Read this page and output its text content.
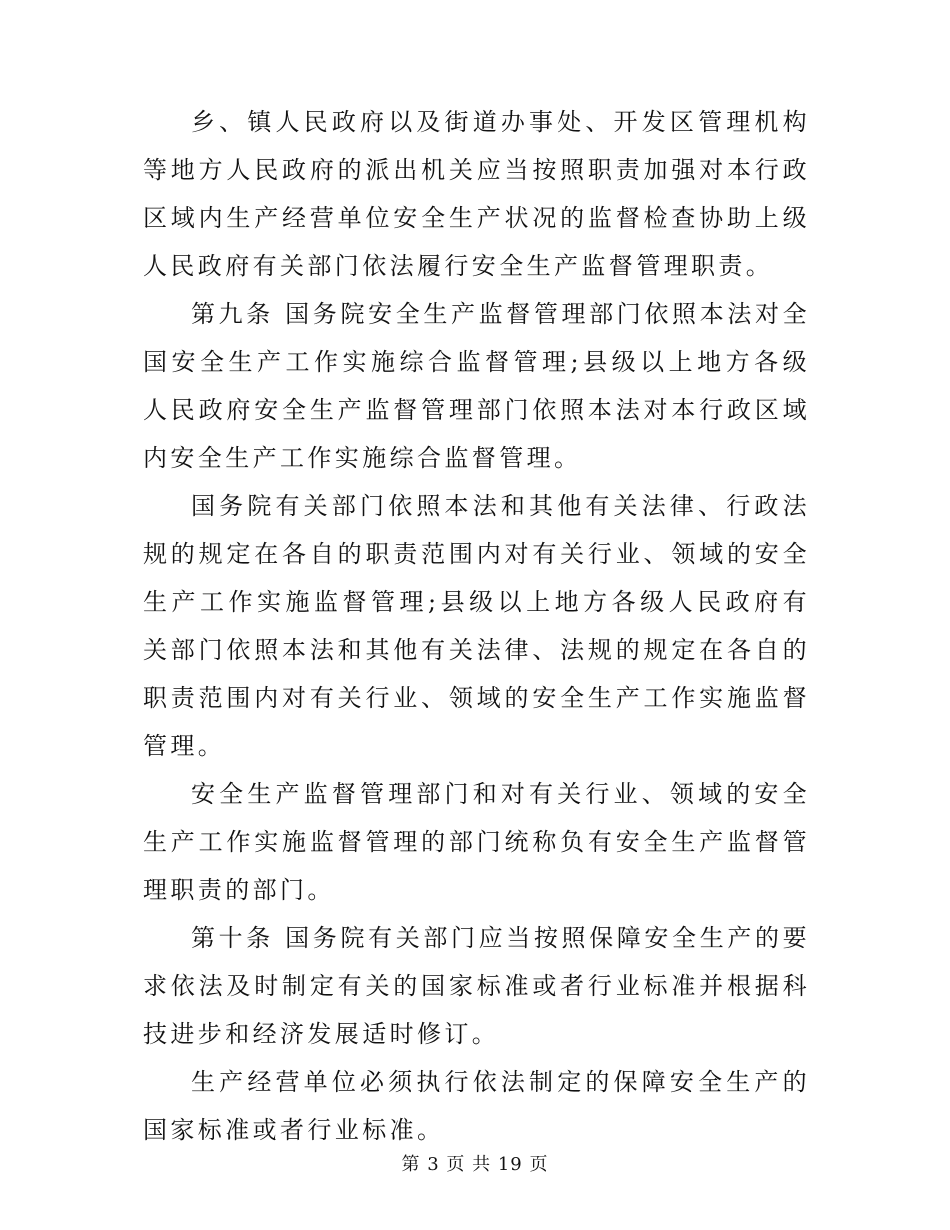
乡、镇人民政府以及街道办事处、开发区管理机构等地方人民政府的派出机关应当按照职责加强对本行政区域内生产经营单位安全生产状况的监督检查协助上级人民政府有关部门依法履行安全生产监督管理职责。

第九条 国务院安全生产监督管理部门依照本法对全国安全生产工作实施综合监督管理;县级以上地方各级人民政府安全生产监督管理部门依照本法对本行政区域内安全生产工作实施综合监督管理。

国务院有关部门依照本法和其他有关法律、行政法规的规定在各自的职责范围内对有关行业、领域的安全生产工作实施监督管理;县级以上地方各级人民政府有关部门依照本法和其他有关法律、法规的规定在各自的职责范围内对有关行业、领域的安全生产工作实施监督管理。

安全生产监督管理部门和对有关行业、领域的安全生产工作实施监督管理的部门统称负有安全生产监督管理职责的部门。

第十条 国务院有关部门应当按照保障安全生产的要求依法及时制定有关的国家标准或者行业标准并根据科技进步和经济发展适时修订。

生产经营单位必须执行依法制定的保障安全生产的国家标准或者行业标准。

第 3 页 共 19 页
